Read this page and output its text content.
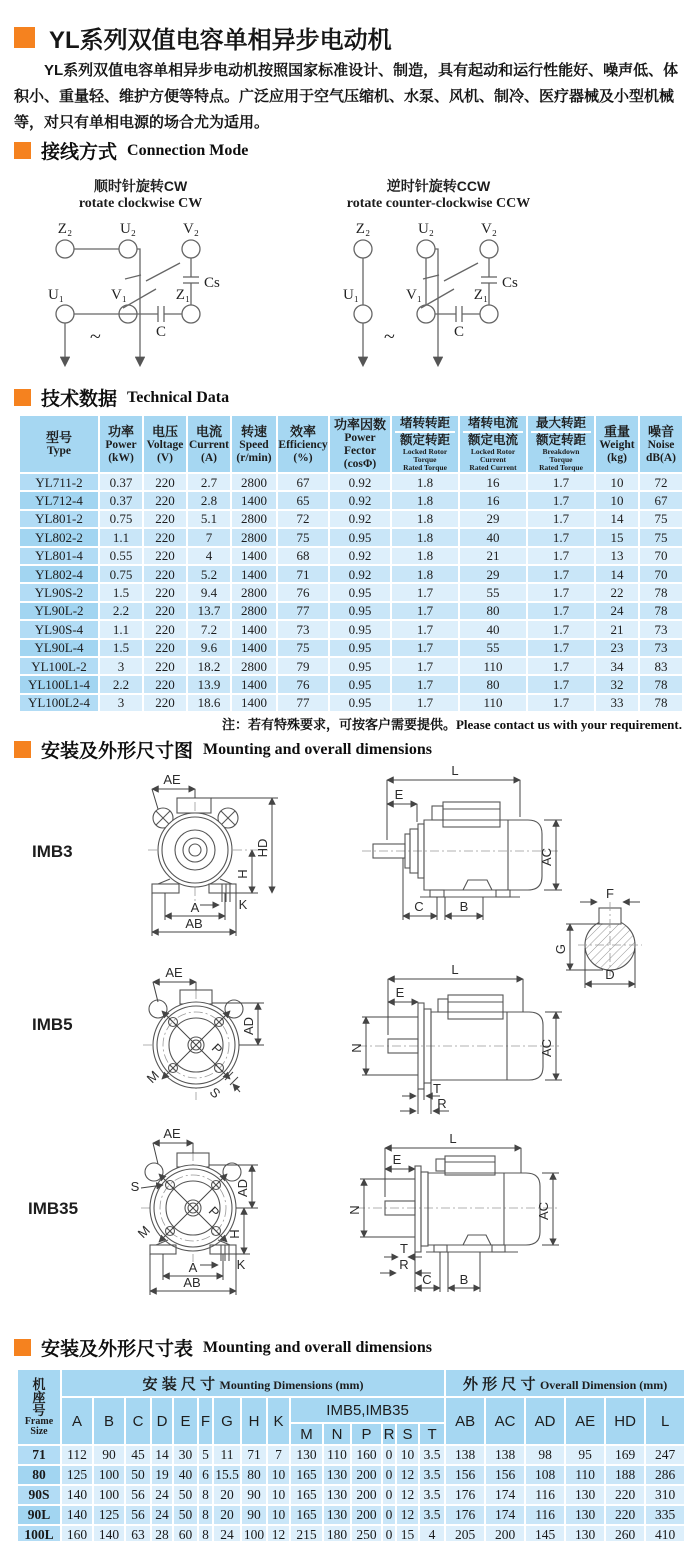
YL系列双值电容单相异步电动机

YL系列双值电容单相异步电动机按照国家标准设计、制造，具有起动和运行性能好、噪声低、体积小、重量轻、维护方便等特点。广泛应用于空气压缩机、水泵、风机、制冷、医疗器械及小型机械等，对只有单相电源的场合尤为适用。

接线方式 Connection Mode
顺时针旋转CW
rotate clockwise CW
Z₂	U₂	V₂
U₁	V₁	Z₁
C
Cs
~
逆时针旋转CCW
rotate counter-clockwise CCW
Z₂	U₂	V₂
U₁	V₁	Z₁
C
Cs
~
技术数据 Technical Data
型号
Type

功率
Power
(kW)

电压
Voltage
(V)

电流
Current
(A)

转速
Speed
(r/min)

效率
Efficiency
(%)

功率因数
Power Fector
(cosΦ)

堵转转距
额定转距
Locked Rotor
Torque
Rated Torque

堵转电流
额定电流
Locked Rotor
Current
Rated Current

最大转距
额定转距
Breakdown
Torque
Rated Torque

重量
Weight
(kg)

噪音
Noise
dB(A)

YL711-2	0.37	220	2.7	2800	67	0.92	1.8	16	1.7	10	72
YL712-4	0.37	220	2.8	1400	65	0.92	1.8	16	1.7	10	67
YL801-2	0.75	220	5.1	2800	72	0.92	1.8	29	1.7	14	75
YL802-2	1.1	220	7	2800	75	0.95	1.8	40	1.7	15	75
YL801-4	0.55	220	4	1400	68	0.92	1.8	21	1.7	13	70
YL802-4	0.75	220	5.2	1400	71	0.92	1.8	29	1.7	14	70
YL90S-2	1.5	220	9.4	2800	76	0.95	1.7	55	1.7	22	78
YL90L-2	2.2	220	13.7	2800	77	0.95	1.7	80	1.7	24	78
YL90S-4	1.1	220	7.2	1400	73	0.95	1.7	40	1.7	21	73
YL90L-4	1.5	220	9.6	1400	75	0.95	1.7	55	1.7	23	73
YL100L-2	3	220	18.2	2800	79	0.95	1.7	110	1.7	34	83
YL100L1-4	2.2	220	13.9	1400	76	0.95	1.7	80	1.7	32	78
YL100L2-4	3	220	18.6	1400	77	0.95	1.7	110	1.7	33	78
注：若有特殊要求，可按客户需要提供。Please contact us with your requirement.
安装及外形尺寸图 Mounting and overall dimensions
IMB3
AE
H
HD
K
A
AB
L
E
AC
C	B
F
G
D
IMB5
M
P
S
AE
AD
L
E
N	AC
T
R
IMB35
M
P
S
AE
AD
H
K
A
AB
L
E
N	AC
T
R
C B
安装及外形尺寸表 Mounting and overall dimensions
机座号
Frame
Size	安 装 尺 寸 Mounting Dimensions (mm)															外 形 尺 寸 Overall Dimension (mm)					
	A	B	C	D	E	F	G	H	K	IMB5,IMB35						AB	AC	AD	AE	HD	L
										M	N	P	R	S	T						
71	112	90	45	14	30	5	11	71	7	130	110	160	0	10	3.5	138	138	98	95	169	247
80	125	100	50	19	40	6	15.5	80	10	165	130	200	0	12	3.5	156	156	108	110	188	286
90S	140	100	56	24	50	8	20	90	10	165	130	200	0	12	3.5	176	174	116	130	220	310
90L	140	125	56	24	50	8	20	90	10	165	130	200	0	12	3.5	176	174	116	130	220	335
100L	160	140	63	28	60	8	24	100	12	215	180	250	0	15	4	205	200	145	130	260	410
